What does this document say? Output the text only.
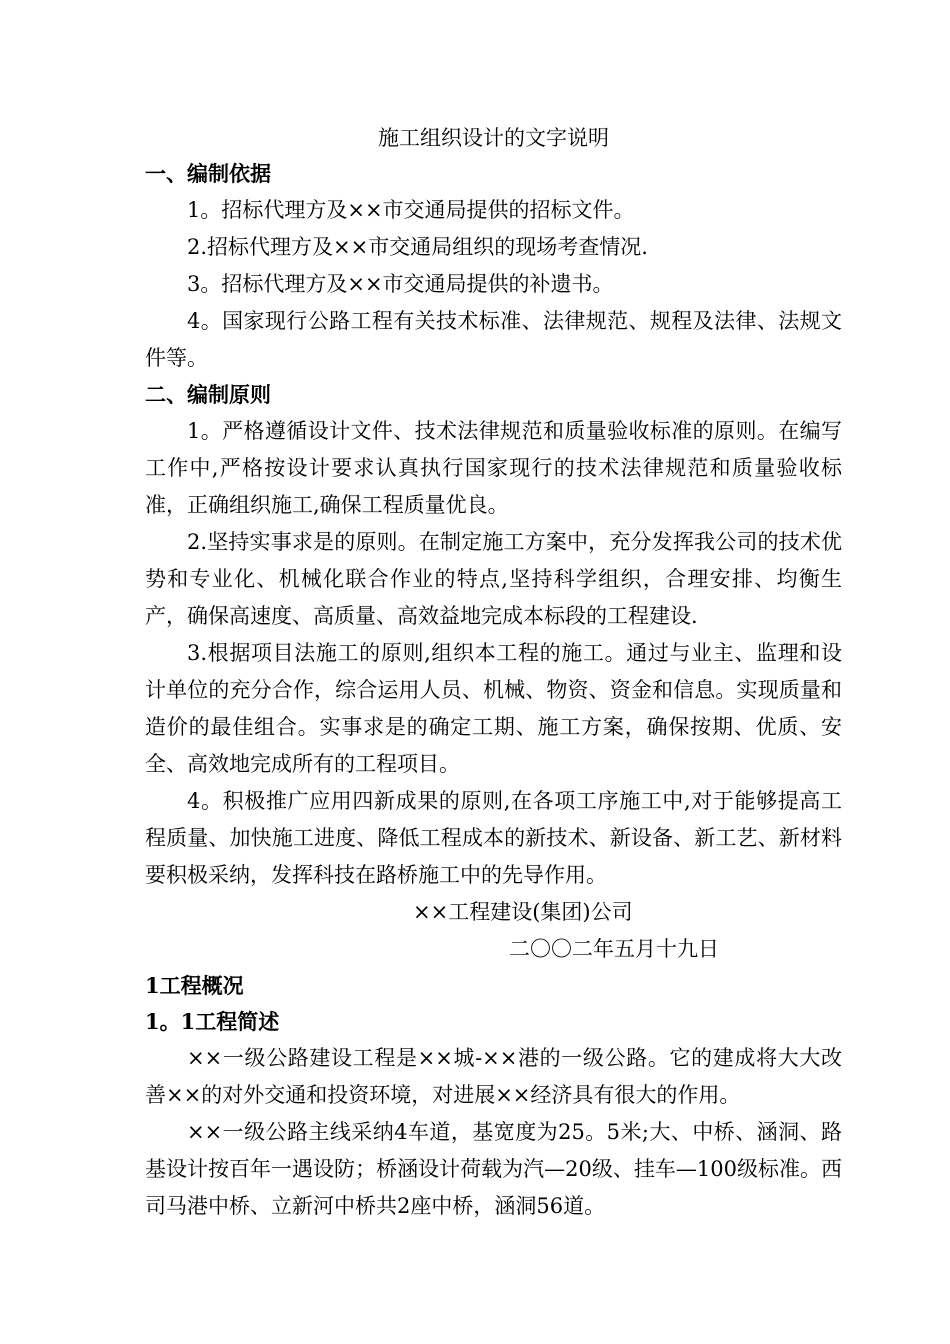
施工组织设计的文字说明
一、编制依据

1。招标代理方及××市交通局提供的招标文件。

2.招标代理方及××市交通局组织的现场考查情况.

3。招标代理方及××市交通局提供的补遗书。

4。国家现行公路工程有关技术标准、法律规范、规程及法律、法规文件等。

二、编制原则

1。严格遵循设计文件、技术法律规范和质量验收标准的原则。在编写工作中,严格按设计要求认真执行国家现行的技术法律规范和质量验收标准，正确组织施工,确保工程质量优良。

2.坚持实事求是的原则。在制定施工方案中，充分发挥我公司的技术优势和专业化、机械化联合作业的特点,坚持科学组织，合理安排、均衡生产，确保高速度、高质量、高效益地完成本标段的工程建设.

3.根据项目法施工的原则,组织本工程的施工。通过与业主、监理和设计单位的充分合作，综合运用人员、机械、物资、资金和信息。实现质量和造价的最佳组合。实事求是的确定工期、施工方案，确保按期、优质、安全、高效地完成所有的工程项目。

4。积极推广应用四新成果的原则,在各项工序施工中,对于能够提高工程质量、加快施工进度、降低工程成本的新技术、新设备、新工艺、新材料要积极采纳，发挥科技在路桥施工中的先导作用。

××工程建设(集团)公司

二〇〇二年五月十九日

1工程概况
1。1工程简述

××一级公路建设工程是××城-××港的一级公路。它的建成将大大改善××的对外交通和投资环境，对进展××经济具有很大的作用。

××一级公路主线采纳4车道，基宽度为25。5米;大、中桥、涵洞、路基设计按百年一遇设防；桥涵设计荷载为汽—20级、挂车—100级标准。西司马港中桥、立新河中桥共2座中桥，涵洞56道。
